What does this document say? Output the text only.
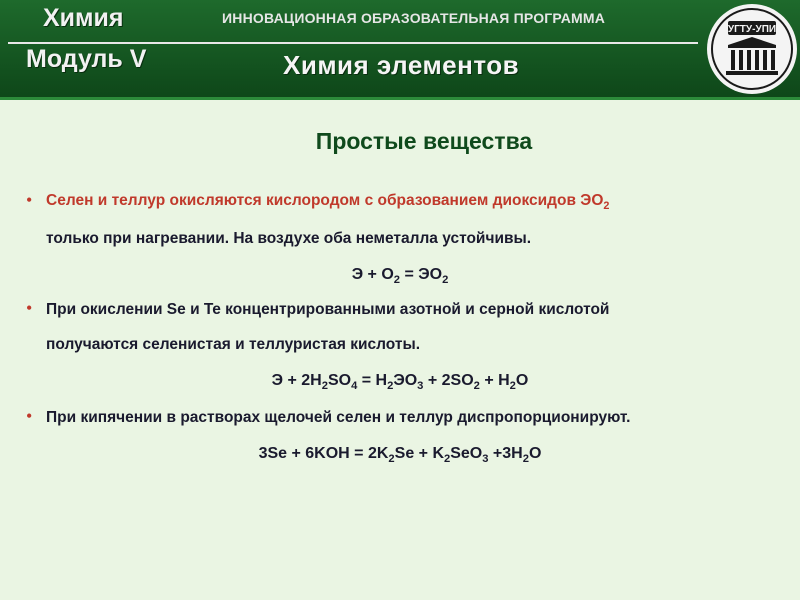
Химия
Модуль V
ИННОВАЦИОННАЯ ОБРАЗОВАТЕЛЬНАЯ ПРОГРАММА
Химия элементов
УГТУ-УПИ
Простые вещества
• Селен и теллур окисляются кислородом с образованием диоксидов $ЭО_2$
только при нагревании. На воздухе оба неметалла устойчивы.
$Э + О_2 = ЭО_2$
• При окислении Se и Te концентрированными азотной и серной кислотой
получаются селенистая и теллуристая кислоты.
$Э + 2H_2SO_4 = H_2ЭO_3 + 2SO_2 + H_2O$
• При кипячении в растворах щелочей селен и теллур диспропорционируют.
$3Se + 6KOH = 2K_2Se + K_2SeO_3 +3H_2O$
